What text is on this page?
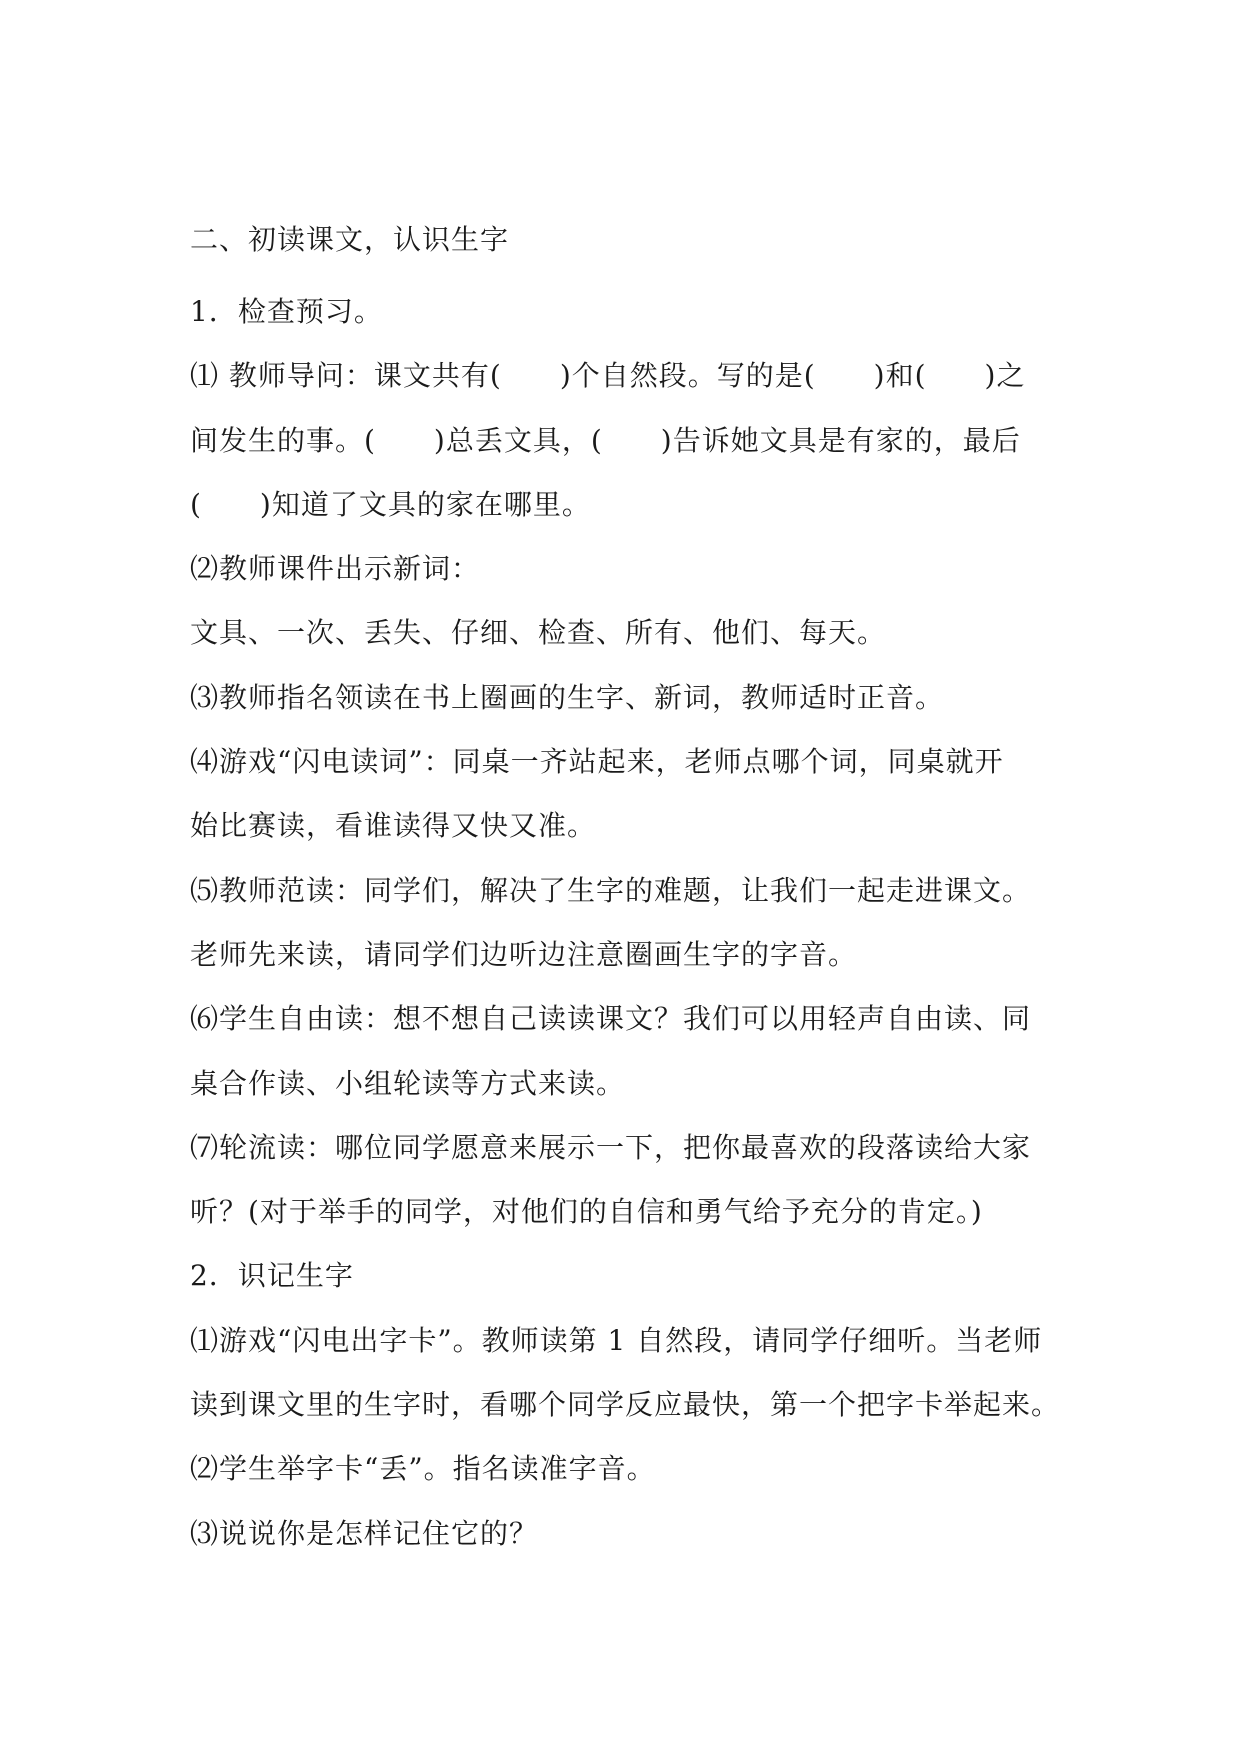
二、初读课文，认识生字
1．检查预习。
⑴ 教师导问：课文共有(　　)个自然段。写的是(　　)和(　　)之
间发生的事。(　　)总丢文具，(　　)告诉她文具是有家的，最后
(　　)知道了文具的家在哪里。
⑵教师课件出示新词：
文具、一次、丢失、仔细、检查、所有、他们、每天。
⑶教师指名领读在书上圈画的生字、新词，教师适时正音。
⑷游戏“闪电读词”：同桌一齐站起来，老师点哪个词，同桌就开
始比赛读，看谁读得又快又准。
⑸教师范读：同学们，解决了生字的难题，让我们一起走进课文。
老师先来读，请同学们边听边注意圈画生字的字音。
⑹学生自由读：想不想自己读读课文？我们可以用轻声自由读、同
桌合作读、小组轮读等方式来读。
⑺轮流读：哪位同学愿意来展示一下，把你最喜欢的段落读给大家
听？(对于举手的同学，对他们的自信和勇气给予充分的肯定。)
2．识记生字
⑴游戏“闪电出字卡”。教师读第 1 自然段，请同学仔细听。当老师
读到课文里的生字时，看哪个同学反应最快，第一个把字卡举起来。
⑵学生举字卡“丢”。指名读准字音。
⑶说说你是怎样记住它的？
